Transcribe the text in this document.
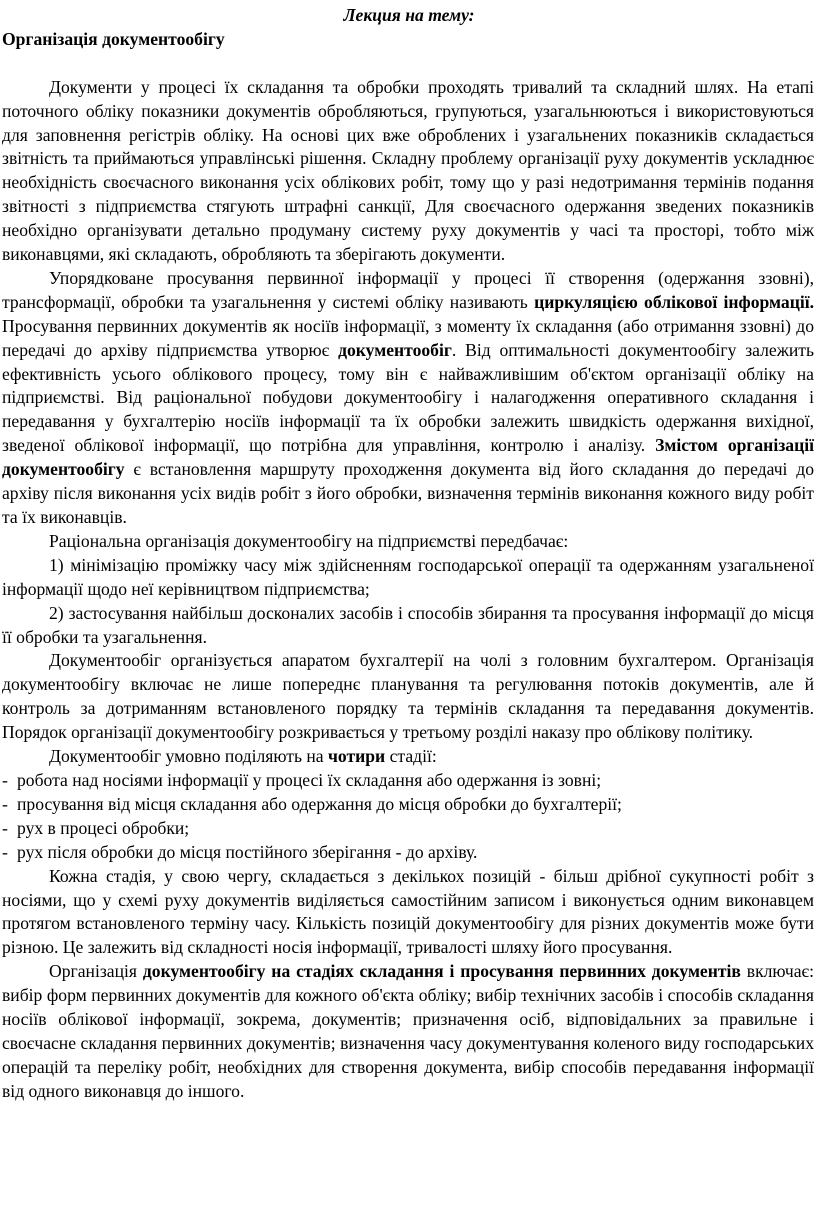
Лекция на тему:

Організація документообігу

Документи у процесі їх складання та обробки проходять тривалий та складний шлях. На етапі поточного обліку показники документів обробляються, групуються, узагальнюються і використовуються для заповнення регістрів обліку. На основі цих вже оброблених і узагальнених показників складається звітність та приймаються управлінські рішення. Складну проблему організації руху документів ускладнює необхідність своєчасного виконання усіх облікових робіт, тому що у разі недотримання термінів подання звітності з підприємства стягують штрафні санкції, Для своєчасного одержання зведених показників необхідно організувати детально продуману систему руху документів у часі та просторі, тобто між виконавцями, які складають, обробляють та зберігають документи.

Упорядковане просування первинної інформації у процесі її створення (одержання ззовні), трансформації, обробки та узагальнення у системі обліку називають циркуляцією облікової інформації. Просування первинних документів як носіїв інформації, з моменту їх складання (або отримання ззовні) до передачі до архіву підприємства утворює документообіг. Від оптимальності документообігу залежить ефективність усього облікового процесу, тому він є найважливішим об'єктом організації обліку на підприємстві. Від раціональної побудови документообігу і налагодження оперативного складання і передавання у бухгалтерію носіїв інформації та їх обробки залежить швидкість одержання вихідної, зведеної облікової інформації, що потрібна для управління, контролю і аналізу. Змістом організації документообігу є встановлення маршруту проходження документа від його складання до передачі до архіву після виконання усіх видів робіт з його обробки, визначення термінів виконання кожного виду робіт та їх виконавців.

Раціональна організація документообігу на підприємстві передбачає:

1) мінімізацію проміжку часу між здійсненням господарської операції та одержанням узагальненої інформації щодо неї керівництвом підприємства;

2) застосування найбільш досконалих засобів і способів збирання та просування інформації до місця її обробки та узагальнення.

Документообіг організується апаратом бухгалтерії на чолі з головним бухгалтером. Організація документообігу включає не лише попереднє планування та регулювання потоків документів, але й контроль за дотриманням встановленого порядку та термінів складання та передавання документів. Порядок організації документообігу розкривається у третьому розділі наказу про облікову політику.

Документообіг умовно поділяють на чотири стадії:

- робота над носіями інформації у процесі їх складання або одержання із зовні;

- просування від місця складання або одержання до місця обробки до бухгалтерії;

- рух в процесі обробки;

- рух після обробки до місця постійного зберігання - до архіву.

Кожна стадія, у свою чергу, складається з декількох позицій - більш дрібної сукупності робіт з носіями, що у схемі руху документів виділяється самостійним записом і виконується одним виконавцем протягом встановленого терміну часу. Кількість позицій документообігу для різних документів може бути різною. Це залежить від складності носія інформації, тривалості шляху його просування.

Організація документообігу на стадіях складання і просування первинних документів включає: вибір форм первинних документів для кожного об'єкта обліку; вибір технічних засобів і способів складання носіїв облікової інформації, зокрема, документів; призначення осіб, відповідальних за правильне і своєчасне складання первинних документів; визначення часу документування коленого виду господарських операцій та переліку робіт, необхідних для створення документа, вибір способів передавання інформації від одного виконавця до іншого.
